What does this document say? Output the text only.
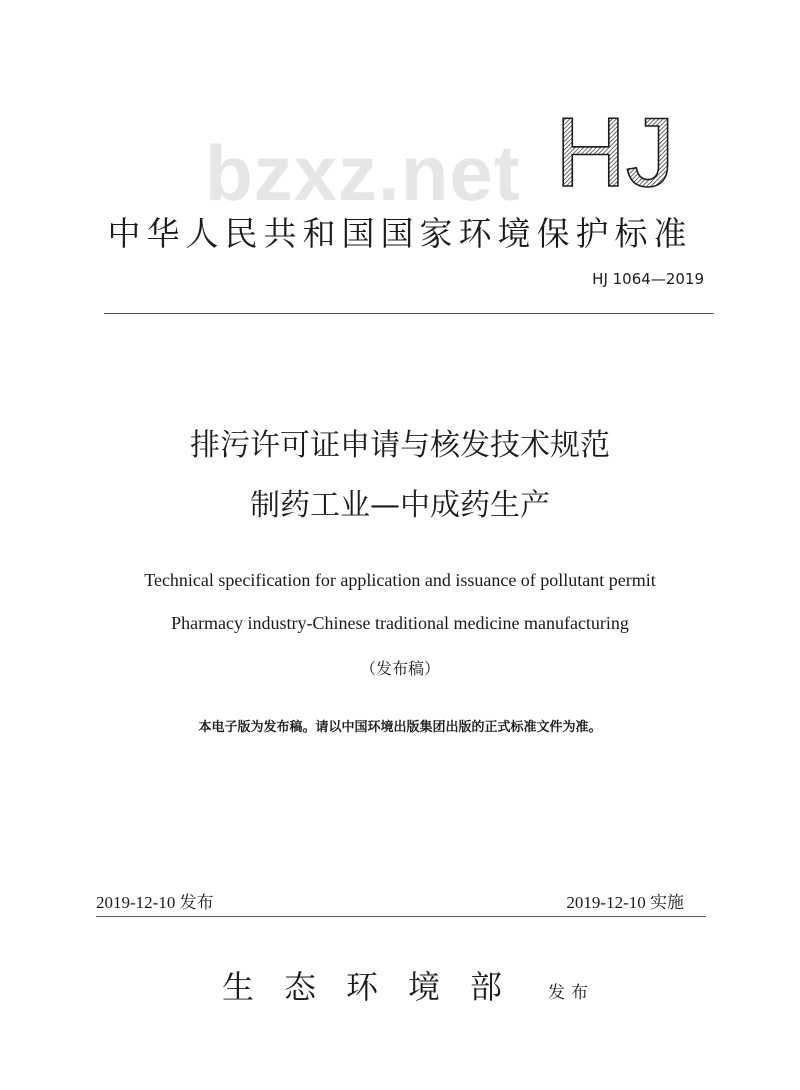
bzxz.net HJ
中华人民共和国国家环境保护标准
HJ 1064—2019
排污许可证申请与核发技术规范
制药工业—中成药生产
Technical specification for application and issuance of pollutant permit
Pharmacy industry-Chinese traditional medicine manufacturing
（发布稿）
本电子版为发布稿。请以中国环境出版集团出版的正式标准文件为准。
2019-12-10 发布	2019-12-10 实施
生态环境部 发布
